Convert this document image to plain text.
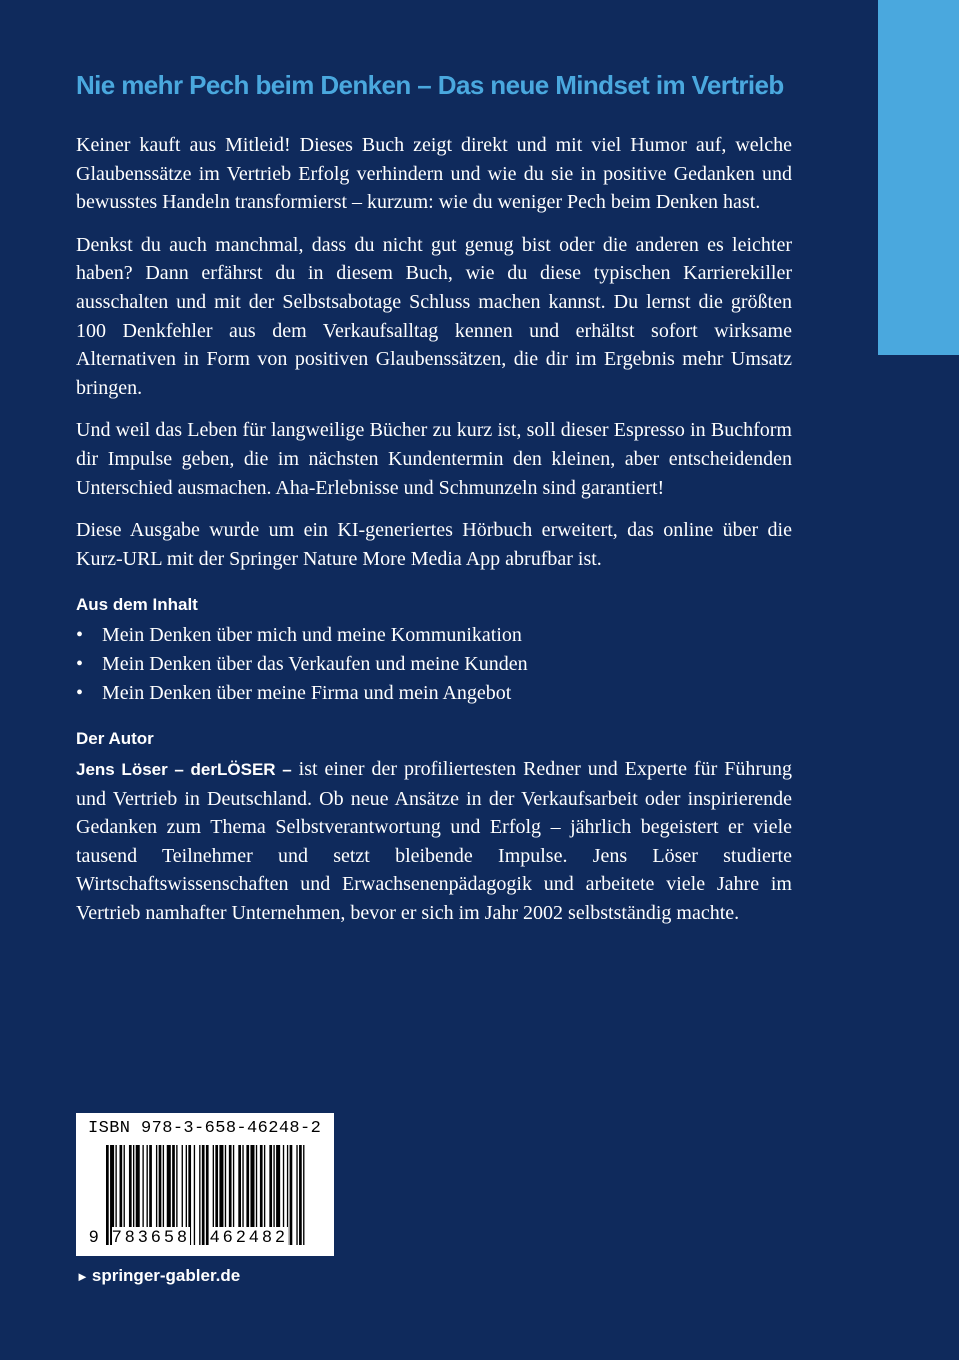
Nie mehr Pech beim Denken – Das neue Mindset im Vertrieb

Keiner kauft aus Mitleid! Dieses Buch zeigt direkt und mit viel Humor auf, welche Glaubenssätze im Vertrieb Erfolg verhindern und wie du sie in positive Gedanken und bewusstes Handeln transformierst – kurzum: wie du weniger Pech beim Denken hast.

Denkst du auch manchmal, dass du nicht gut genug bist oder die anderen es leichter haben? Dann erfährst du in diesem Buch, wie du diese typischen Karrierekiller ausschalten und mit der Selbstsabotage Schluss machen kannst. Du lernst die größten 100 Denkfehler aus dem Verkaufsalltag kennen und erhältst sofort wirksame Alternativen in Form von positiven Glaubenssätzen, die dir im Ergebnis mehr Umsatz bringen.

Und weil das Leben für langweilige Bücher zu kurz ist, soll dieser Espresso in Buchform dir Impulse geben, die im nächsten Kundentermin den kleinen, aber entscheidenden Unterschied ausmachen. Aha-Erlebnisse und Schmunzeln sind garantiert!

Diese Ausgabe wurde um ein KI-generiertes Hörbuch erweitert, das online über die Kurz-URL mit der Springer Nature More Media App abrufbar ist.

Aus dem Inhalt
• Mein Denken über mich und meine Kommunikation
• Mein Denken über das Verkaufen und meine Kunden
• Mein Denken über meine Firma und mein Angebot
Der Autor

Jens Löser – derLÖSER – ist einer der profiliertesten Redner und Experte für Führung und Vertrieb in Deutschland. Ob neue Ansätze in der Verkaufsarbeit oder inspirierende Gedanken zum Thema Selbstverantwortung und Erfolg – jährlich begeistert er viele tausend Teilnehmer und setzt bleibende Impulse. Jens Löser studierte Wirtschaftswissenschaften und Erwachsenenpädagogik und arbeitete viele Jahre im Vertrieb namhafter Unternehmen, bevor er sich im Jahr 2002 selbstständig machte.

ISBN 978-3-658-46248-2
9 783658 462482
► springer-gabler.de
